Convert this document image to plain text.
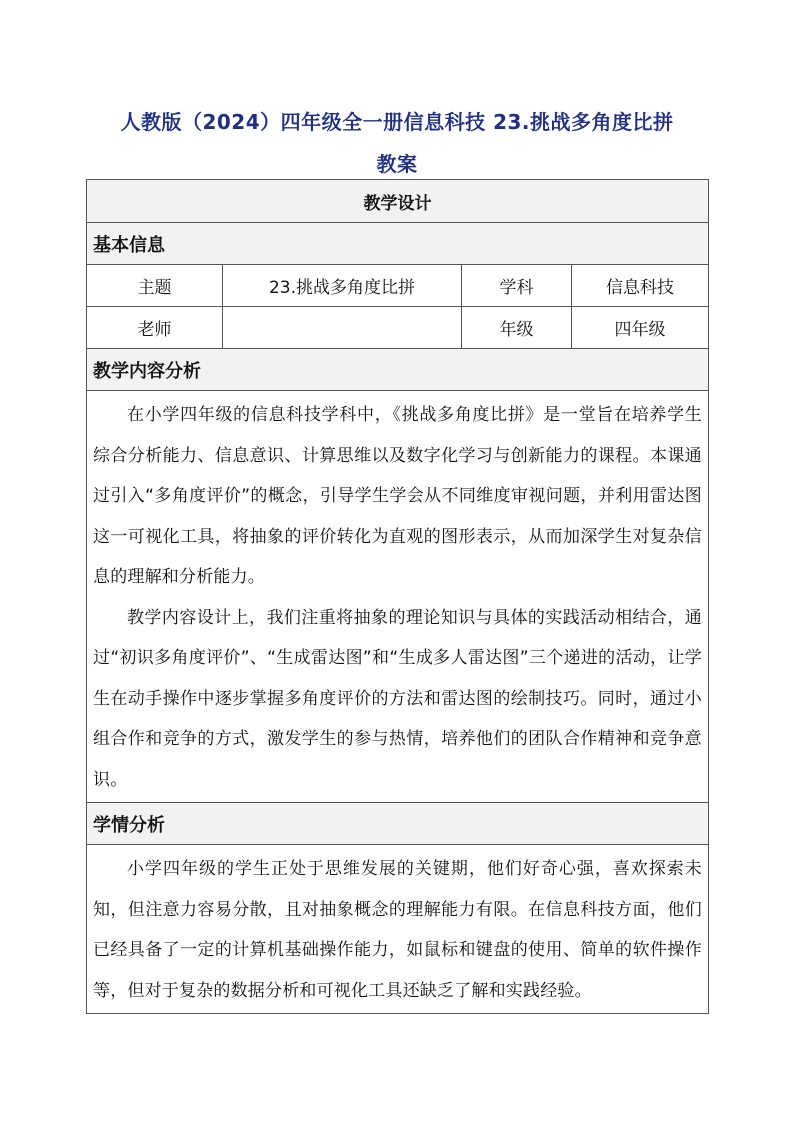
人教版（2024）四年级全一册信息科技 23.挑战多角度比拼
教案
教学设计			
基本信息			
主题	23.挑战多角度比拼	学科	信息科技
老师		年级	四年级
教学内容分析			

在小学四年级的信息科技学科中，《挑战多角度比拼》是一堂旨在培养学生综合分析能力、信息意识、计算思维以及数字化学习与创新能力的课程。本课通过引入“多角度评价”的概念，引导学生学会从不同维度审视问题，并利用雷达图这一可视化工具，将抽象的评价转化为直观的图形表示，从而加深学生对复杂信息的理解和分析能力。

教学内容设计上，我们注重将抽象的理论知识与具体的实践活动相结合，通过“初识多角度评价”、“生成雷达图”和“生成多人雷达图”三个递进的活动，让学生在动手操作中逐步掌握多角度评价的方法和雷达图的绘制技巧。同时，通过小组合作和竞争的方式，激发学生的参与热情，培养他们的团队合作精神和竞争意识。			

学情分析			

小学四年级的学生正处于思维发展的关键期，他们好奇心强，喜欢探索未知，但注意力容易分散，且对抽象概念的理解能力有限。在信息科技方面，他们已经具备了一定的计算机基础操作能力，如鼠标和键盘的使用、简单的软件操作等，但对于复杂的数据分析和可视化工具还缺乏了解和实践经验。			
